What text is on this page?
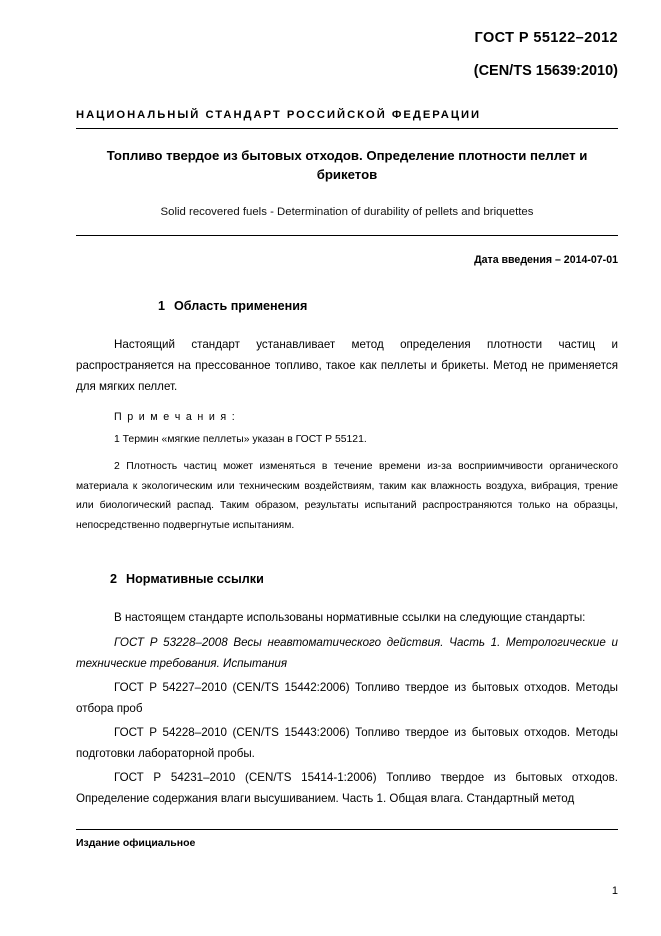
ГОСТ Р 55122–2012
(CEN/TS 15639:2010)
НАЦИОНАЛЬНЫЙ СТАНДАРТ РОССИЙСКОЙ ФЕДЕРАЦИИ
Топливо твердое из бытовых отходов. Определение плотности пеллет и брикетов
Solid recovered fuels - Determination of durability of pellets and briquettes
Дата введения – 2014-07-01
1 Область применения

Настоящий стандарт устанавливает метод определения плотности частиц и распространяется на прессованное топливо, такое как пеллеты и брикеты. Метод не применяется для мягких пеллет.

П р и м е ч а н и я :

1 Термин «мягкие пеллеты» указан в ГОСТ Р 55121.

2 Плотность частиц может изменяться в течение времени из-за восприимчивости органического материала к экологическим или техническим воздействиям, таким как влажность воздуха, вибрация, трение или биологический распад. Таким образом, результаты испытаний распространяются только на образцы, непосредственно подвергнутые испытаниям.

2 Нормативные ссылки

В настоящем стандарте использованы нормативные ссылки на следующие стандарты:

ГОСТ Р 53228–2008 Весы неавтоматического действия. Часть 1. Метрологические и технические требования. Испытания

ГОСТ Р 54227–2010 (CEN/TS 15442:2006) Топливо твердое из бытовых отходов. Методы отбора проб

ГОСТ Р 54228–2010 (CEN/TS 15443:2006) Топливо твердое из бытовых отходов. Методы подготовки лабораторной пробы.

ГОСТ Р 54231–2010 (CEN/TS 15414-1:2006) Топливо твердое из бытовых отходов. Определение содержания влаги высушиванием. Часть 1. Общая влага. Стандартный метод

Издание официальное
1
